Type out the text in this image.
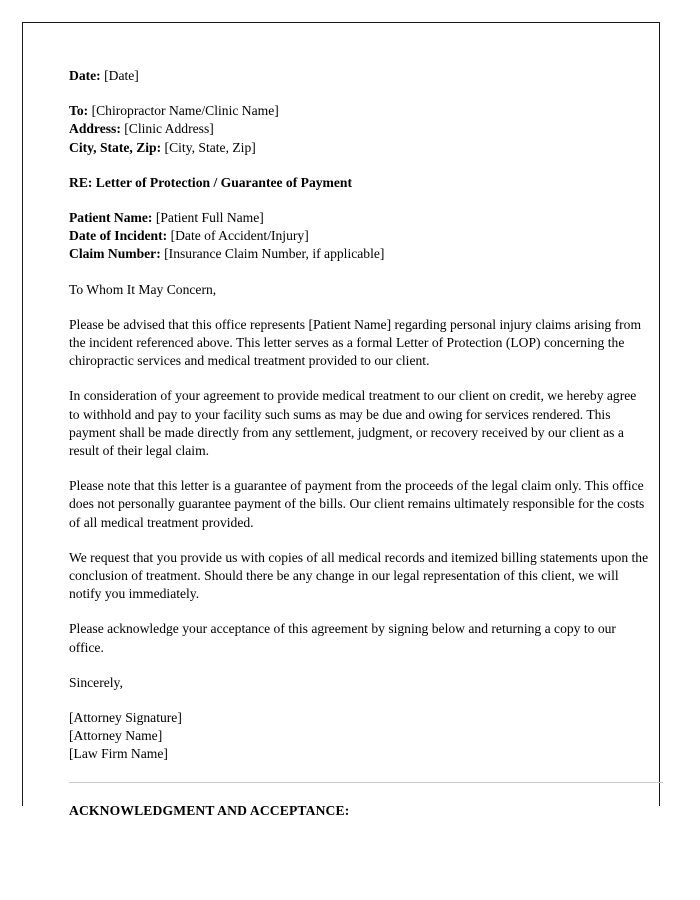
Date: [Date]
To: [Chiropractor Name/Clinic Name]
Address: [Clinic Address]
City, State, Zip: [City, State, Zip]
RE: Letter of Protection / Guarantee of Payment
Patient Name: [Patient Full Name]
Date of Incident: [Date of Accident/Injury]
Claim Number: [Insurance Claim Number, if applicable]
To Whom It May Concern,

Please be advised that this office represents [Patient Name] regarding personal injury claims arising from the incident referenced above. This letter serves as a formal Letter of Protection (LOP) concerning the chiropractic services and medical treatment provided to our client.

In consideration of your agreement to provide medical treatment to our client on credit, we hereby agree to withhold and pay to your facility such sums as may be due and owing for services rendered. This payment shall be made directly from any settlement, judgment, or recovery received by our client as a result of their legal claim.

Please note that this letter is a guarantee of payment from the proceeds of the legal claim only. This office does not personally guarantee payment of the bills. Our client remains ultimately responsible for the costs of all medical treatment provided.

We request that you provide us with copies of all medical records and itemized billing statements upon the conclusion of treatment. Should there be any change in our legal representation of this client, we will notify you immediately.

Please acknowledge your acceptance of this agreement by signing below and returning a copy to our office.

Sincerely,
[Attorney Signature]
[Attorney Name]
[Law Firm Name]
ACKNOWLEDGMENT AND ACCEPTANCE:
